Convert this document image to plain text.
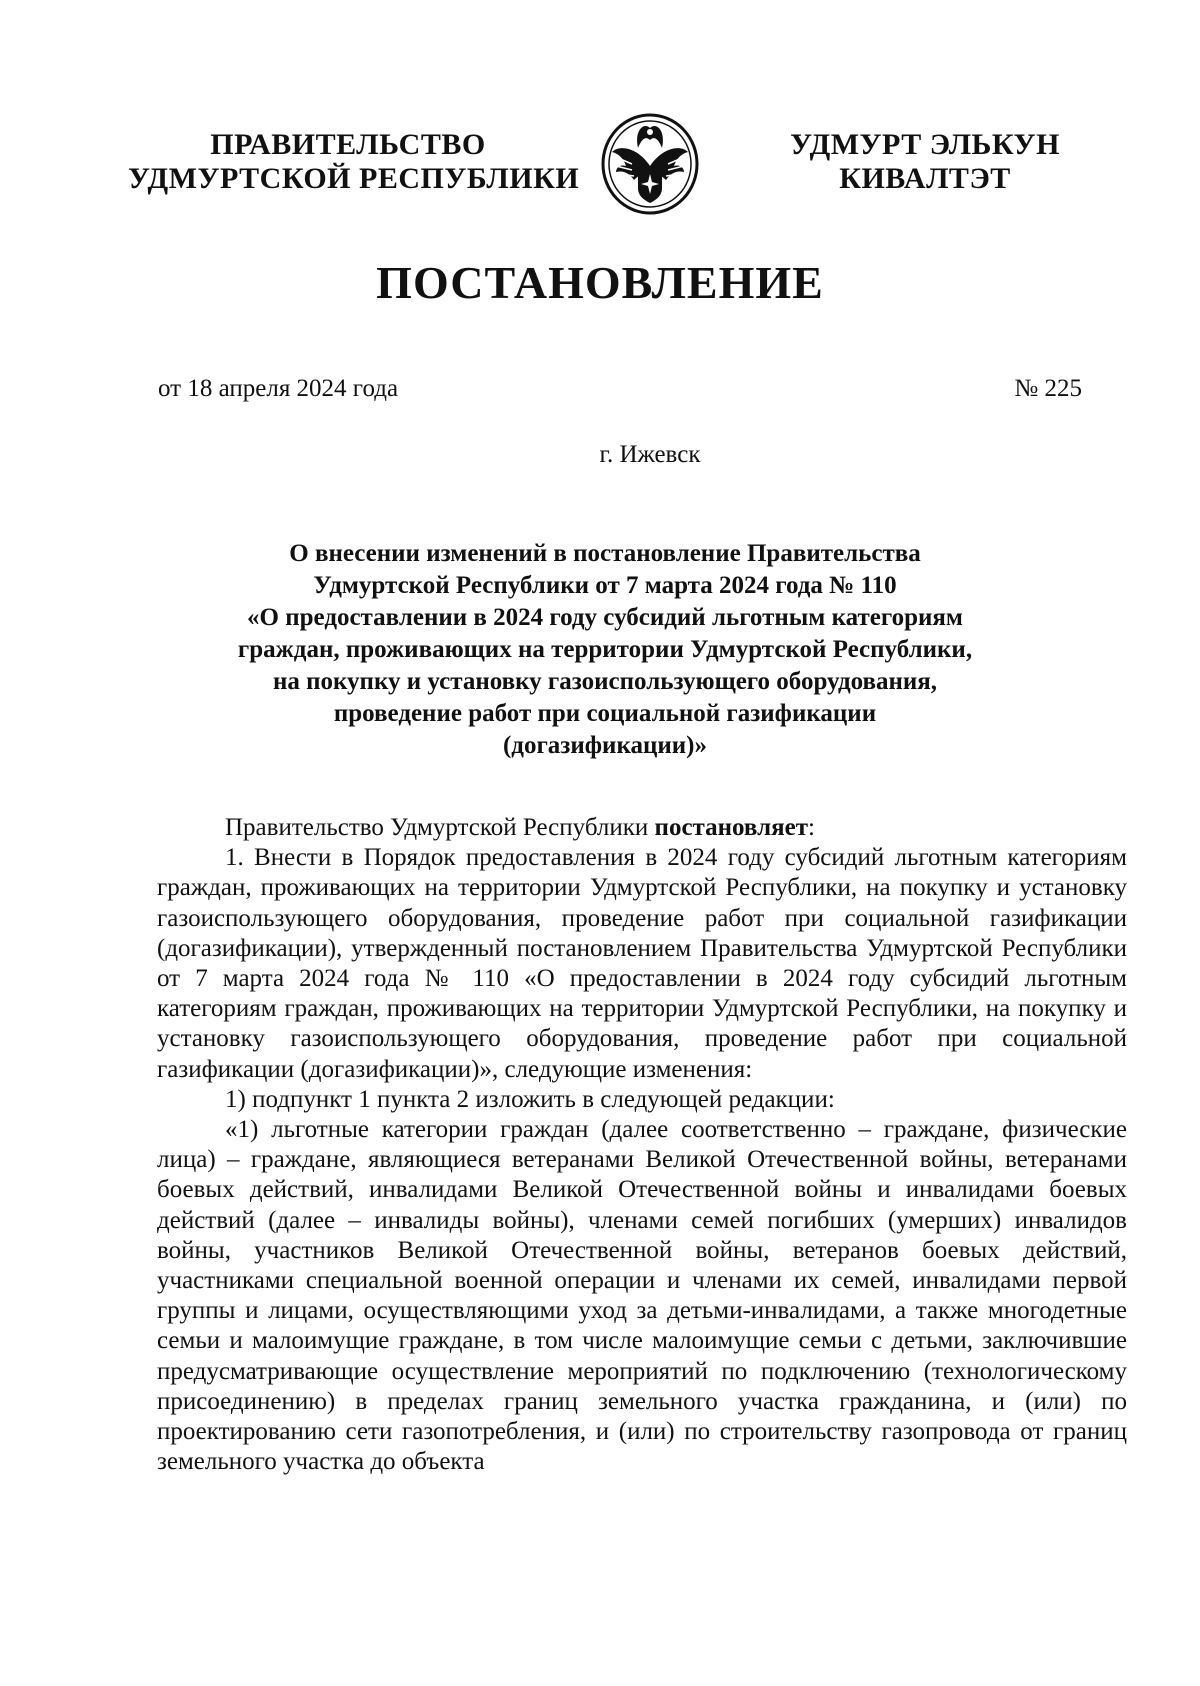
ПРАВИТЕЛЬСТВО
УДМУРТСКОЙ РЕСПУБЛИКИ
УДМУРТ ЭЛЬКУН
КИВАЛТЭТ
ПОСТАНОВЛЕНИЕ
от 18 апреля 2024 года	№ 225
г. Ижевск
О внесении изменений в постановление Правительства
Удмуртской Республики от 7 марта 2024 года № 110
«О предоставлении в 2024 году субсидий льготным категориям
граждан, проживающих на территории Удмуртской Республики,
на покупку и установку газоиспользующего оборудования,
проведение работ при социальной газификации
(догазификации)»

Правительство Удмуртской Республики постановляет:

1. Внести в Порядок предоставления в 2024 году субсидий льготным категориям граждан, проживающих на территории Удмуртской Республики, на покупку и установку газоиспользующего оборудования, проведение работ при социальной газификации (догазификации), утвержденный постановлением Правительства Удмуртской Республики от 7 марта 2024 года № 110 «О предоставлении в 2024 году субсидий льготным категориям граждан, проживающих на территории Удмуртской Республики, на покупку и установку газоиспользующего оборудования, проведение работ при социальной газификации (догазификации)», следующие изменения:

1) подпункт 1 пункта 2 изложить в следующей редакции:

«1) льготные категории граждан (далее соответственно – граждане, физические лица) – граждане, являющиеся ветеранами Великой Отечественной войны, ветеранами боевых действий, инвалидами Великой Отечественной войны и инвалидами боевых действий (далее – инвалиды войны), членами семей погибших (умерших) инвалидов войны, участников Великой Отечественной войны, ветеранов боевых действий, участниками специальной военной операции и членами их семей, инвалидами первой группы и лицами, осуществляющими уход за детьми-инвалидами, а также многодетные семьи и малоимущие граждане, в том числе малоимущие семьи с детьми, заключившие предусматривающие осуществление мероприятий по подключению (технологическому присоединению) в пределах границ земельного участка гражданина, и (или) по проектированию сети газопотребления, и (или) по строительству газопровода от границ земельного участка до объекта
